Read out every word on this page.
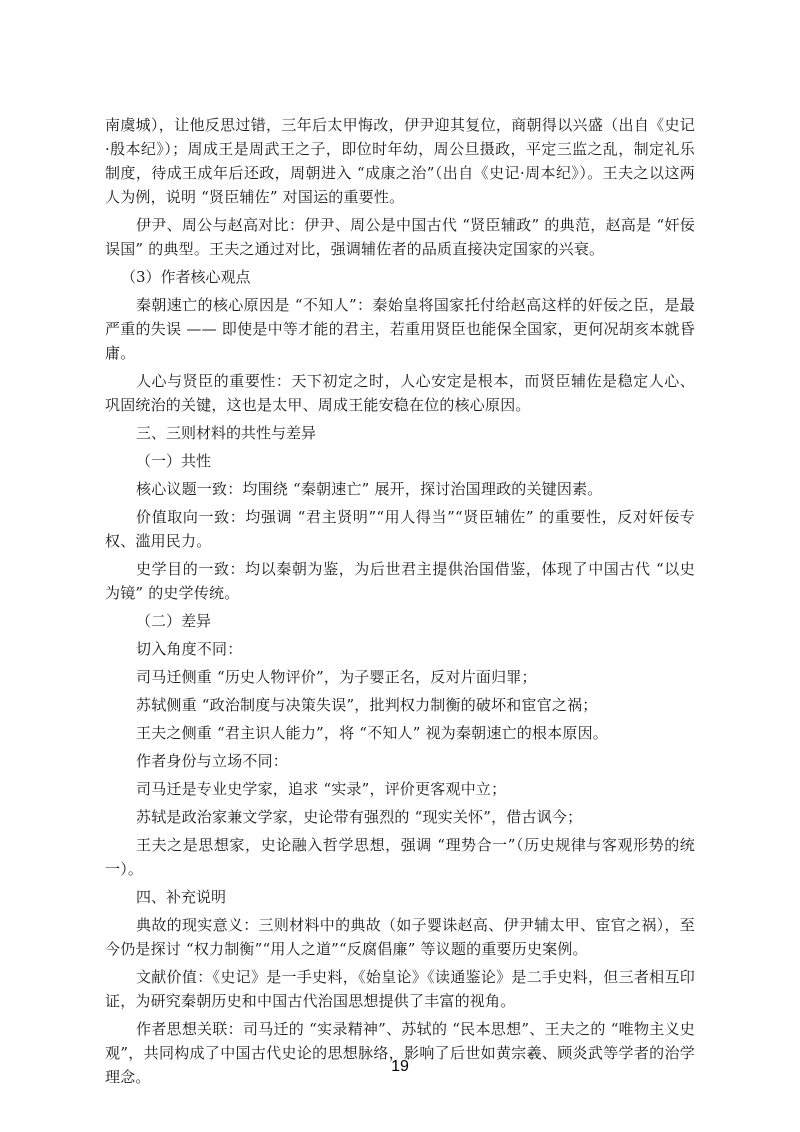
南虞城），让他反思过错，三年后太甲悔改，伊尹迎其复位，商朝得以兴盛（出自《史记·殷本纪》）；周成王是周武王之子，即位时年幼，周公旦摄政，平定三监之乱，制定礼乐制度，待成王成年后还政，周朝进入 “成康之治”（出自《史记·周本纪》）。王夫之以这两人为例，说明 “贤臣辅佐” 对国运的重要性。

伊尹、周公与赵高对比：伊尹、周公是中国古代 “贤臣辅政” 的典范，赵高是 “奸佞误国” 的典型。王夫之通过对比，强调辅佐者的品质直接决定国家的兴衰。

（3）作者核心观点

秦朝速亡的核心原因是 “不知人”：秦始皇将国家托付给赵高这样的奸佞之臣，是最严重的失误 —— 即使是中等才能的君主，若重用贤臣也能保全国家，更何况胡亥本就昏庸。

人心与贤臣的重要性：天下初定之时，人心安定是根本，而贤臣辅佐是稳定人心、巩固统治的关键，这也是太甲、周成王能安稳在位的核心原因。

三、三则材料的共性与差异

（一）共性

核心议题一致：均围绕 “秦朝速亡” 展开，探讨治国理政的关键因素。

价值取向一致：均强调 “君主贤明”“用人得当”“贤臣辅佐” 的重要性，反对奸佞专权、滥用民力。

史学目的一致：均以秦朝为鉴，为后世君主提供治国借鉴，体现了中国古代 “以史为镜” 的史学传统。

（二）差异

切入角度不同：

司马迁侧重 “历史人物评价”，为子婴正名，反对片面归罪；

苏轼侧重 “政治制度与决策失误”，批判权力制衡的破坏和宦官之祸；

王夫之侧重 “君主识人能力”，将 “不知人” 视为秦朝速亡的根本原因。

作者身份与立场不同：

司马迁是专业史学家，追求 “实录”，评价更客观中立；

苏轼是政治家兼文学家，史论带有强烈的 “现实关怀”，借古讽今；

王夫之是思想家，史论融入哲学思想，强调 “理势合一”（历史规律与客观形势的统一）。

四、补充说明

典故的现实意义：三则材料中的典故（如子婴诛赵高、伊尹辅太甲、宦官之祸），至今仍是探讨 “权力制衡”“用人之道”“反腐倡廉” 等议题的重要历史案例。

文献价值：《史记》是一手史料，《始皇论》《读通鉴论》是二手史料，但三者相互印证，为研究秦朝历史和中国古代治国思想提供了丰富的视角。

作者思想关联：司马迁的 “实录精神”、苏轼的 “民本思想”、王夫之的 “唯物主义史观”，共同构成了中国古代史论的思想脉络，影响了后世如黄宗羲、顾炎武等学者的治学理念。

19
